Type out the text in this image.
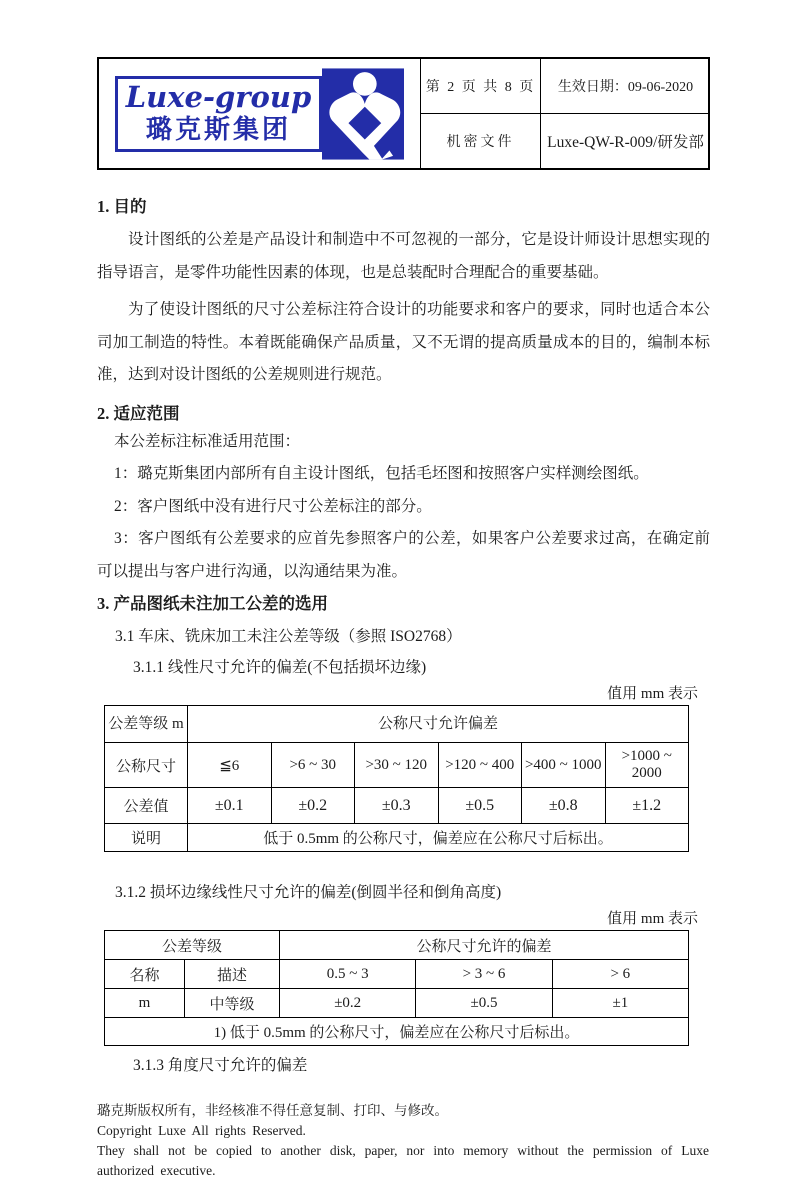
Luxe-group
璐克斯集团
第 2 页 共 8 页	生效日期：09-06-2020
机密文件	Luxe-QW-R-009/研发部
1. 目的

设计图纸的公差是产品设计和制造中不可忽视的一部分，它是设计师设计思想实现的指导语言，是零件功能性因素的体现，也是总装配时合理配合的重要基础。

为了使设计图纸的尺寸公差标注符合设计的功能要求和客户的要求，同时也适合本公司加工制造的特性。本着既能确保产品质量，又不无谓的提高质量成本的目的，编制本标准，达到对设计图纸的公差规则进行规范。

2. 适应范围
本公差标注标准适用范围：
1：璐克斯集团内部所有自主设计图纸，包括毛坯图和按照客户实样测绘图纸。
2：客户图纸中没有进行尺寸公差标注的部分。
3：客户图纸有公差要求的应首先参照客户的公差，如果客户公差要求过高，在确定前可以提出与客户进行沟通，以沟通结果为准。
3. 产品图纸未注加工公差的选用
3.1 车床、铣床加工未注公差等级（参照 ISO2768）
3.1.1 线性尺寸允许的偏差(不包括损坏边缘)
值用 mm 表示
公差等级 m	公称尺寸允许偏差					
公称尺寸	≦6	>6 ~ 30	>30 ~ 120	>120 ~ 400	>400 ~ 1000	>1000 ~ 2000
公差值	±0.1	±0.2	±0.3	±0.5	±0.8	±1.2
说明	低于 0.5mm 的公称尺寸，偏差应在公称尺寸后标出。					
3.1.2 损坏边缘线性尺寸允许的偏差(倒圆半径和倒角高度)
值用 mm 表示
公差等级		公称尺寸允许的偏差		
名称	描述	0.5 ~ 3	> 3 ~ 6	> 6
m	中等级	±0.2	±0.5	±1
1) 低于 0.5mm 的公称尺寸，偏差应在公称尺寸后标出。				
3.1.3 角度尺寸允许的偏差
璐克斯版权所有，非经核准不得任意复制、打印、与修改。
Copyright Luxe All rights Reserved.
They shall not be copied to another disk, paper, nor into memory without the permission of Luxe authorized executive.
